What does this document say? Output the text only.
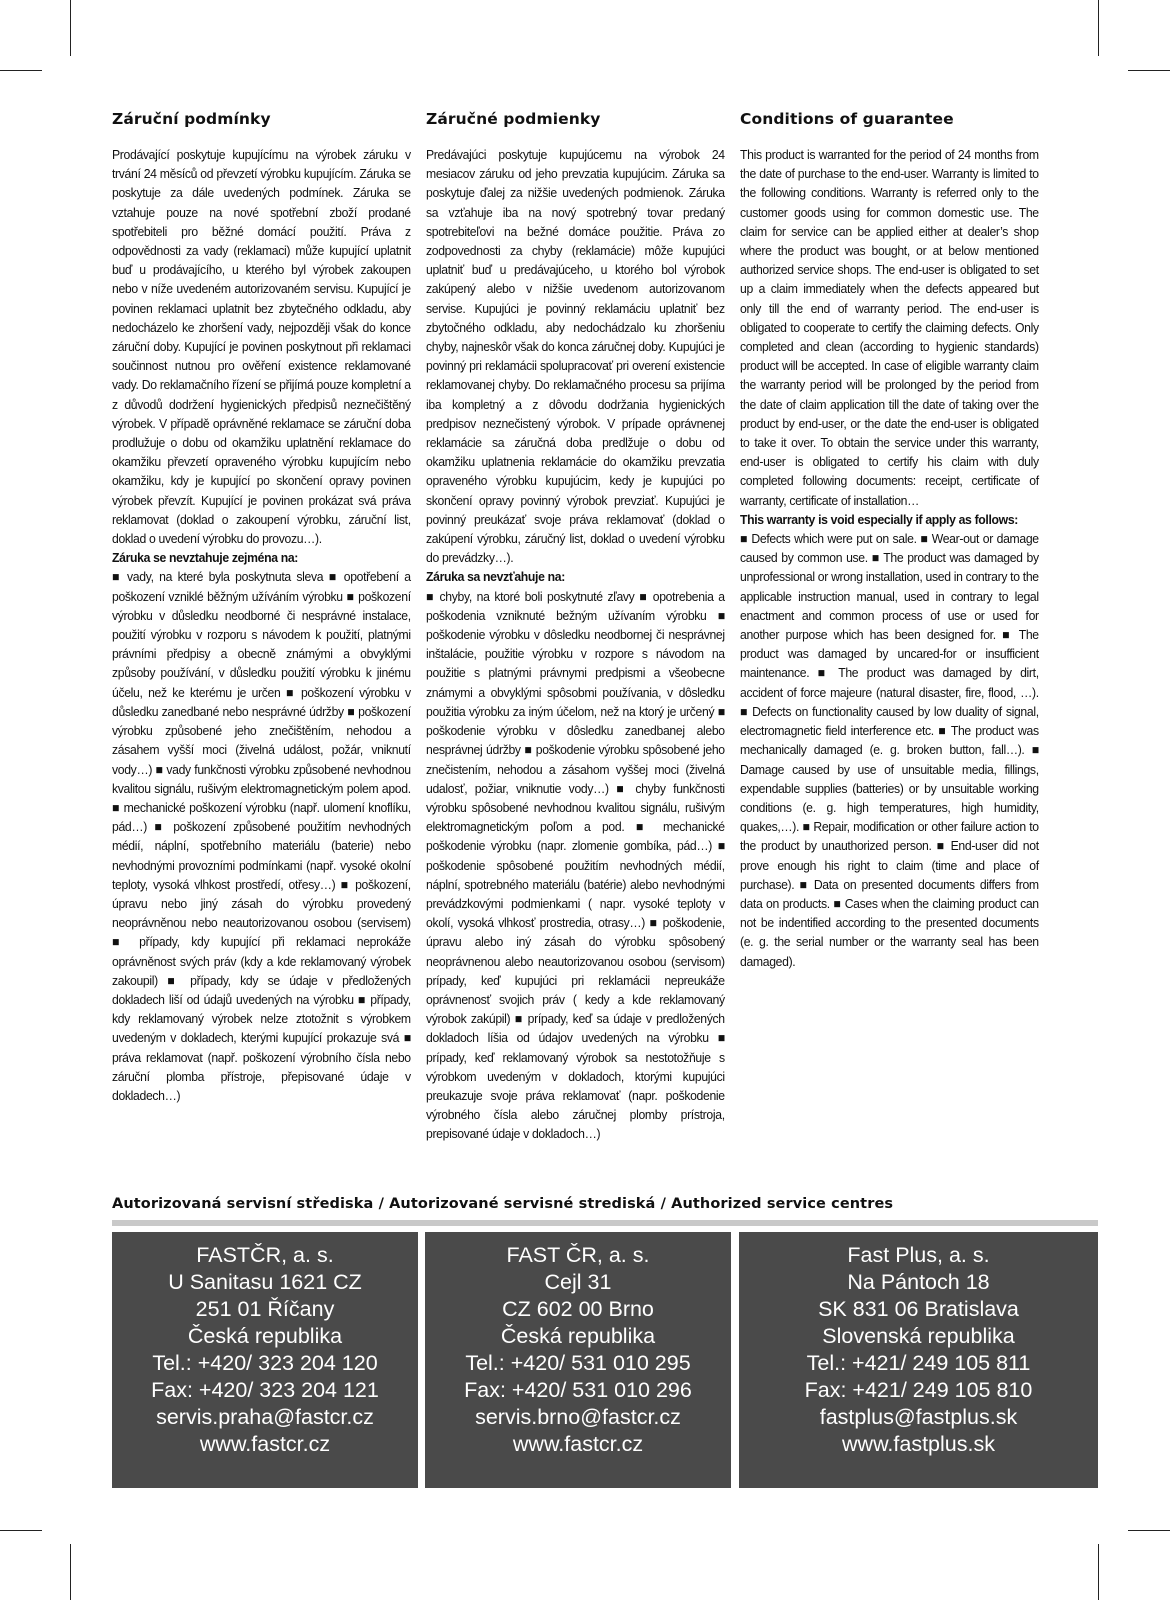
Záruční podmínky

Prodávající poskytuje kupujícímu na výrobek záruku v trvání 24 měsíců od převzetí výrobku kupujícím. Záruka se poskytuje za dále uvedených podmínek. Záruka se vztahuje pouze na nové spotřební zboží prodané spotřebiteli pro běžné domácí použití. Práva z odpovědnosti za vady (reklamaci) může kupující uplatnit buď u prodávajícího, u kterého byl výrobek zakoupen nebo v níže uvedeném autorizovaném servisu. Kupující je povinen reklamaci uplatnit bez zbytečného odkladu, aby nedocházelo ke zhoršení vady, nejpozději však do konce záruční doby. Kupující je povinen poskytnout při reklamaci součinnost nutnou pro ověření existence reklamované vady. Do reklamačního řízení se přijímá pouze kompletní a z důvodů dodržení hygienických předpisů neznečištěný výrobek. V případě oprávněné reklamace se záruční doba prodlužuje o dobu od okamžiku uplatnění reklamace do okamžiku převzetí opraveného výrobku kupujícím nebo okamžiku, kdy je kupující po skončení opravy povinen výrobek převzít. Kupující je povinen prokázat svá práva reklamovat (doklad o zakoupení výrobku, záruční list, doklad o uvedení výrobku do provozu…).

Záruka se nevztahuje zejména na:

■ vady, na které byla poskytnuta sleva ■ opotřebení a poškození vzniklé běžným užíváním výrobku ■ poškození výrobku v důsledku neodborné či nesprávné instalace, použití výrobku v rozporu s návodem k použití, platnými právními předpisy a obecně známými a obvyklými způsoby používání, v důsledku použití výrobku k jinému účelu, než ke kterému je určen ■ poškození výrobku v důsledku zanedbané nebo nesprávné údržby ■ poškození výrobku způsobené jeho znečištěním, nehodou a zásahem vyšší moci (živelná událost, požár, vniknutí vody…) ■ vady funkčnosti výrobku způsobené nevhodnou kvalitou signálu, rušivým elektromagnetickým polem apod. ■ mechanické poškození výrobku (např. ulomení knoflíku, pád…) ■ poškození způsobené použitím nevhodných médií, náplní, spotřebního materiálu (baterie) nebo nevhodnými provozními podmínkami (např. vysoké okolní teploty, vysoká vlhkost prostředí, otřesy…) ■ poškození, úpravu nebo jiný zásah do výrobku provedený neoprávněnou nebo neautorizovanou osobou (servisem) ■ případy, kdy kupující při reklamaci neprokáže oprávněnost svých práv (kdy a kde reklamovaný výrobek zakoupil) ■ případy, kdy se údaje v předložených dokladech liší od údajů uvedených na výrobku ■ případy, kdy reklamovaný výrobek nelze ztotožnit s výrobkem uvedeným v dokladech, kterými kupující prokazuje svá ■ práva reklamovat (např. poškození výrobního čísla nebo záruční plomba přístroje, přepisované údaje v dokladech…)

Záručné podmienky

Predávajúci poskytuje kupujúcemu na výrobok 24 mesiacov záruku od jeho prevzatia kupujúcim. Záruka sa poskytuje ďalej za nižšie uvedených podmienok. Záruka sa vzťahuje iba na nový spotrebný tovar predaný spotrebiteľovi na bežné domáce použitie. Práva zo zodpovednosti za chyby (reklamácie) môže kupujúci uplatniť buď u predávajúceho, u ktorého bol výrobok zakúpený alebo v nižšie uvedenom autorizovanom servise. Kupujúci je povinný reklamáciu uplatniť bez zbytočného odkladu, aby nedochádzalo ku zhoršeniu chyby, najneskôr však do konca záručnej doby. Kupujúci je povinný pri reklamácii spolupracovať pri overení existencie reklamovanej chyby. Do reklamačného procesu sa prijíma iba kompletný a z dôvodu dodržania hygienických predpisov neznečistený výrobok. V prípade oprávnenej reklamácie sa záručná doba predlžuje o dobu od okamžiku uplatnenia reklamácie do okamžiku prevzatia opraveného výrobku kupujúcim, kedy je kupujúci po skončení opravy povinný výrobok prevziať. Kupujúci je povinný preukázať svoje práva reklamovať (doklad o zakúpení výrobku, záručný list, doklad o uvedení výrobku do prevádzky…).

Záruka sa nevzťahuje na:

■ chyby, na ktoré boli poskytnuté zľavy ■ opotrebenia a poškodenia vzniknuté bežným užívaním výrobku ■ poškodenie výrobku v dôsledku neodbornej či nesprávnej inštalácie, použitie výrobku v rozpore s návodom na použitie s platnými právnymi predpismi a všeobecne známymi a obvyklými spôsobmi používania, v dôsledku použitia výrobku za iným účelom, než na ktorý je určený ■ poškodenie výrobku v dôsledku zanedbanej alebo nesprávnej údržby ■ poškodenie výrobku spôsobené jeho znečistením, nehodou a zásahom vyššej moci (živelná udalosť, požiar, vniknutie vody…) ■ chyby funkčnosti výrobku spôsobené nevhodnou kvalitou signálu, rušivým elektromagnetickým poľom a pod. ■ mechanické poškodenie výrobku (napr. zlomenie gombíka, pád…) ■ poškodenie spôsobené použitím nevhodných médií, náplní, spotrebného materiálu (batérie) alebo nevhodnými prevádzkovými podmienkami ( napr. vysoké teploty v okolí, vysoká vlhkosť prostredia, otrasy…) ■ poškodenie, úpravu alebo iný zásah do výrobku spôsobený neoprávnenou alebo neautorizovanou osobou (servisom) prípady, keď kupujúci pri reklamácii nepreukáže oprávnenosť svojich práv ( kedy a kde reklamovaný výrobok zakúpil) ■ prípady, keď sa údaje v predložených dokladoch líšia od údajov uvedených na výrobku ■ prípady, keď reklamovaný výrobok sa nestotožňuje s výrobkom uvedeným v dokladoch, ktorými kupujúci preukazuje svoje práva reklamovať (napr. poškodenie výrobného čísla alebo záručnej plomby prístroja, prepisované údaje v dokladoch…)

Conditions of guarantee

This product is warranted for the period of 24 months from the date of purchase to the end-user. Warranty is limited to the following conditions. Warranty is referred only to the customer goods using for common domestic use. The claim for service can be applied either at dealer’s shop where the product was bought, or at below mentioned authorized service shops. The end-user is obligated to set up a claim immediately when the defects appeared but only till the end of warranty period. The end-user is obligated to cooperate to certify the claiming defects. Only completed and clean (according to hygienic standards) product will be accepted. In case of eligible warranty claim the warranty period will be prolonged by the period from the date of claim application till the date of taking over the product by end-user, or the date the end-user is obligated to take it over. To obtain the service under this warranty, end-user is obligated to certify his claim with duly completed following documents: receipt, certificate of warranty, certificate of installation…

This warranty is void especially if apply as follows:

■ Defects which were put on sale. ■ Wear-out or damage caused by common use. ■ The product was damaged by unprofessional or wrong installation, used in contrary to the applicable instruction manual, used in contrary to legal enactment and common process of use or used for another purpose which has been designed for. ■ The product was damaged by uncared-for or insufficient maintenance. ■ The product was damaged by dirt, accident of force majeure (natural disaster, fire, flood, …). ■ Defects on functionality caused by low duality of signal, electromagnetic field interference etc. ■ The product was mechanically damaged (e. g. broken button, fall…). ■ Damage caused by use of unsuitable media, fillings, expendable supplies (batteries) or by unsuitable working conditions (e. g. high temperatures, high humidity, quakes,…). ■ Repair, modification or other failure action to the product by unauthorized person. ■ End-user did not prove enough his right to claim (time and place of purchase). ■ Data on presented documents differs from data on products. ■ Cases when the claiming product can not be indentified according to the presented documents (e. g. the serial number or the warranty seal has been damaged).

Autorizovaná servisní střediska / Autorizované servisné strediská / Authorized service centres
FASTČR, a. s.
U Sanitasu 1621 CZ
251 01 Říčany
Česká republika
Tel.: +420/ 323 204 120
Fax: +420/ 323 204 121
servis.praha@fastcr.cz
www.fastcr.cz
FAST ČR, a. s.
Cejl 31
CZ 602 00 Brno
Česká republika
Tel.: +420/ 531 010 295
Fax: +420/ 531 010 296
servis.brno@fastcr.cz
www.fastcr.cz
Fast Plus, a. s.
Na Pántoch 18
SK 831 06 Bratislava
Slovenská republika
Tel.: +421/ 249 105 811
Fax: +421/ 249 105 810
fastplus@fastplus.sk
www.fastplus.sk
